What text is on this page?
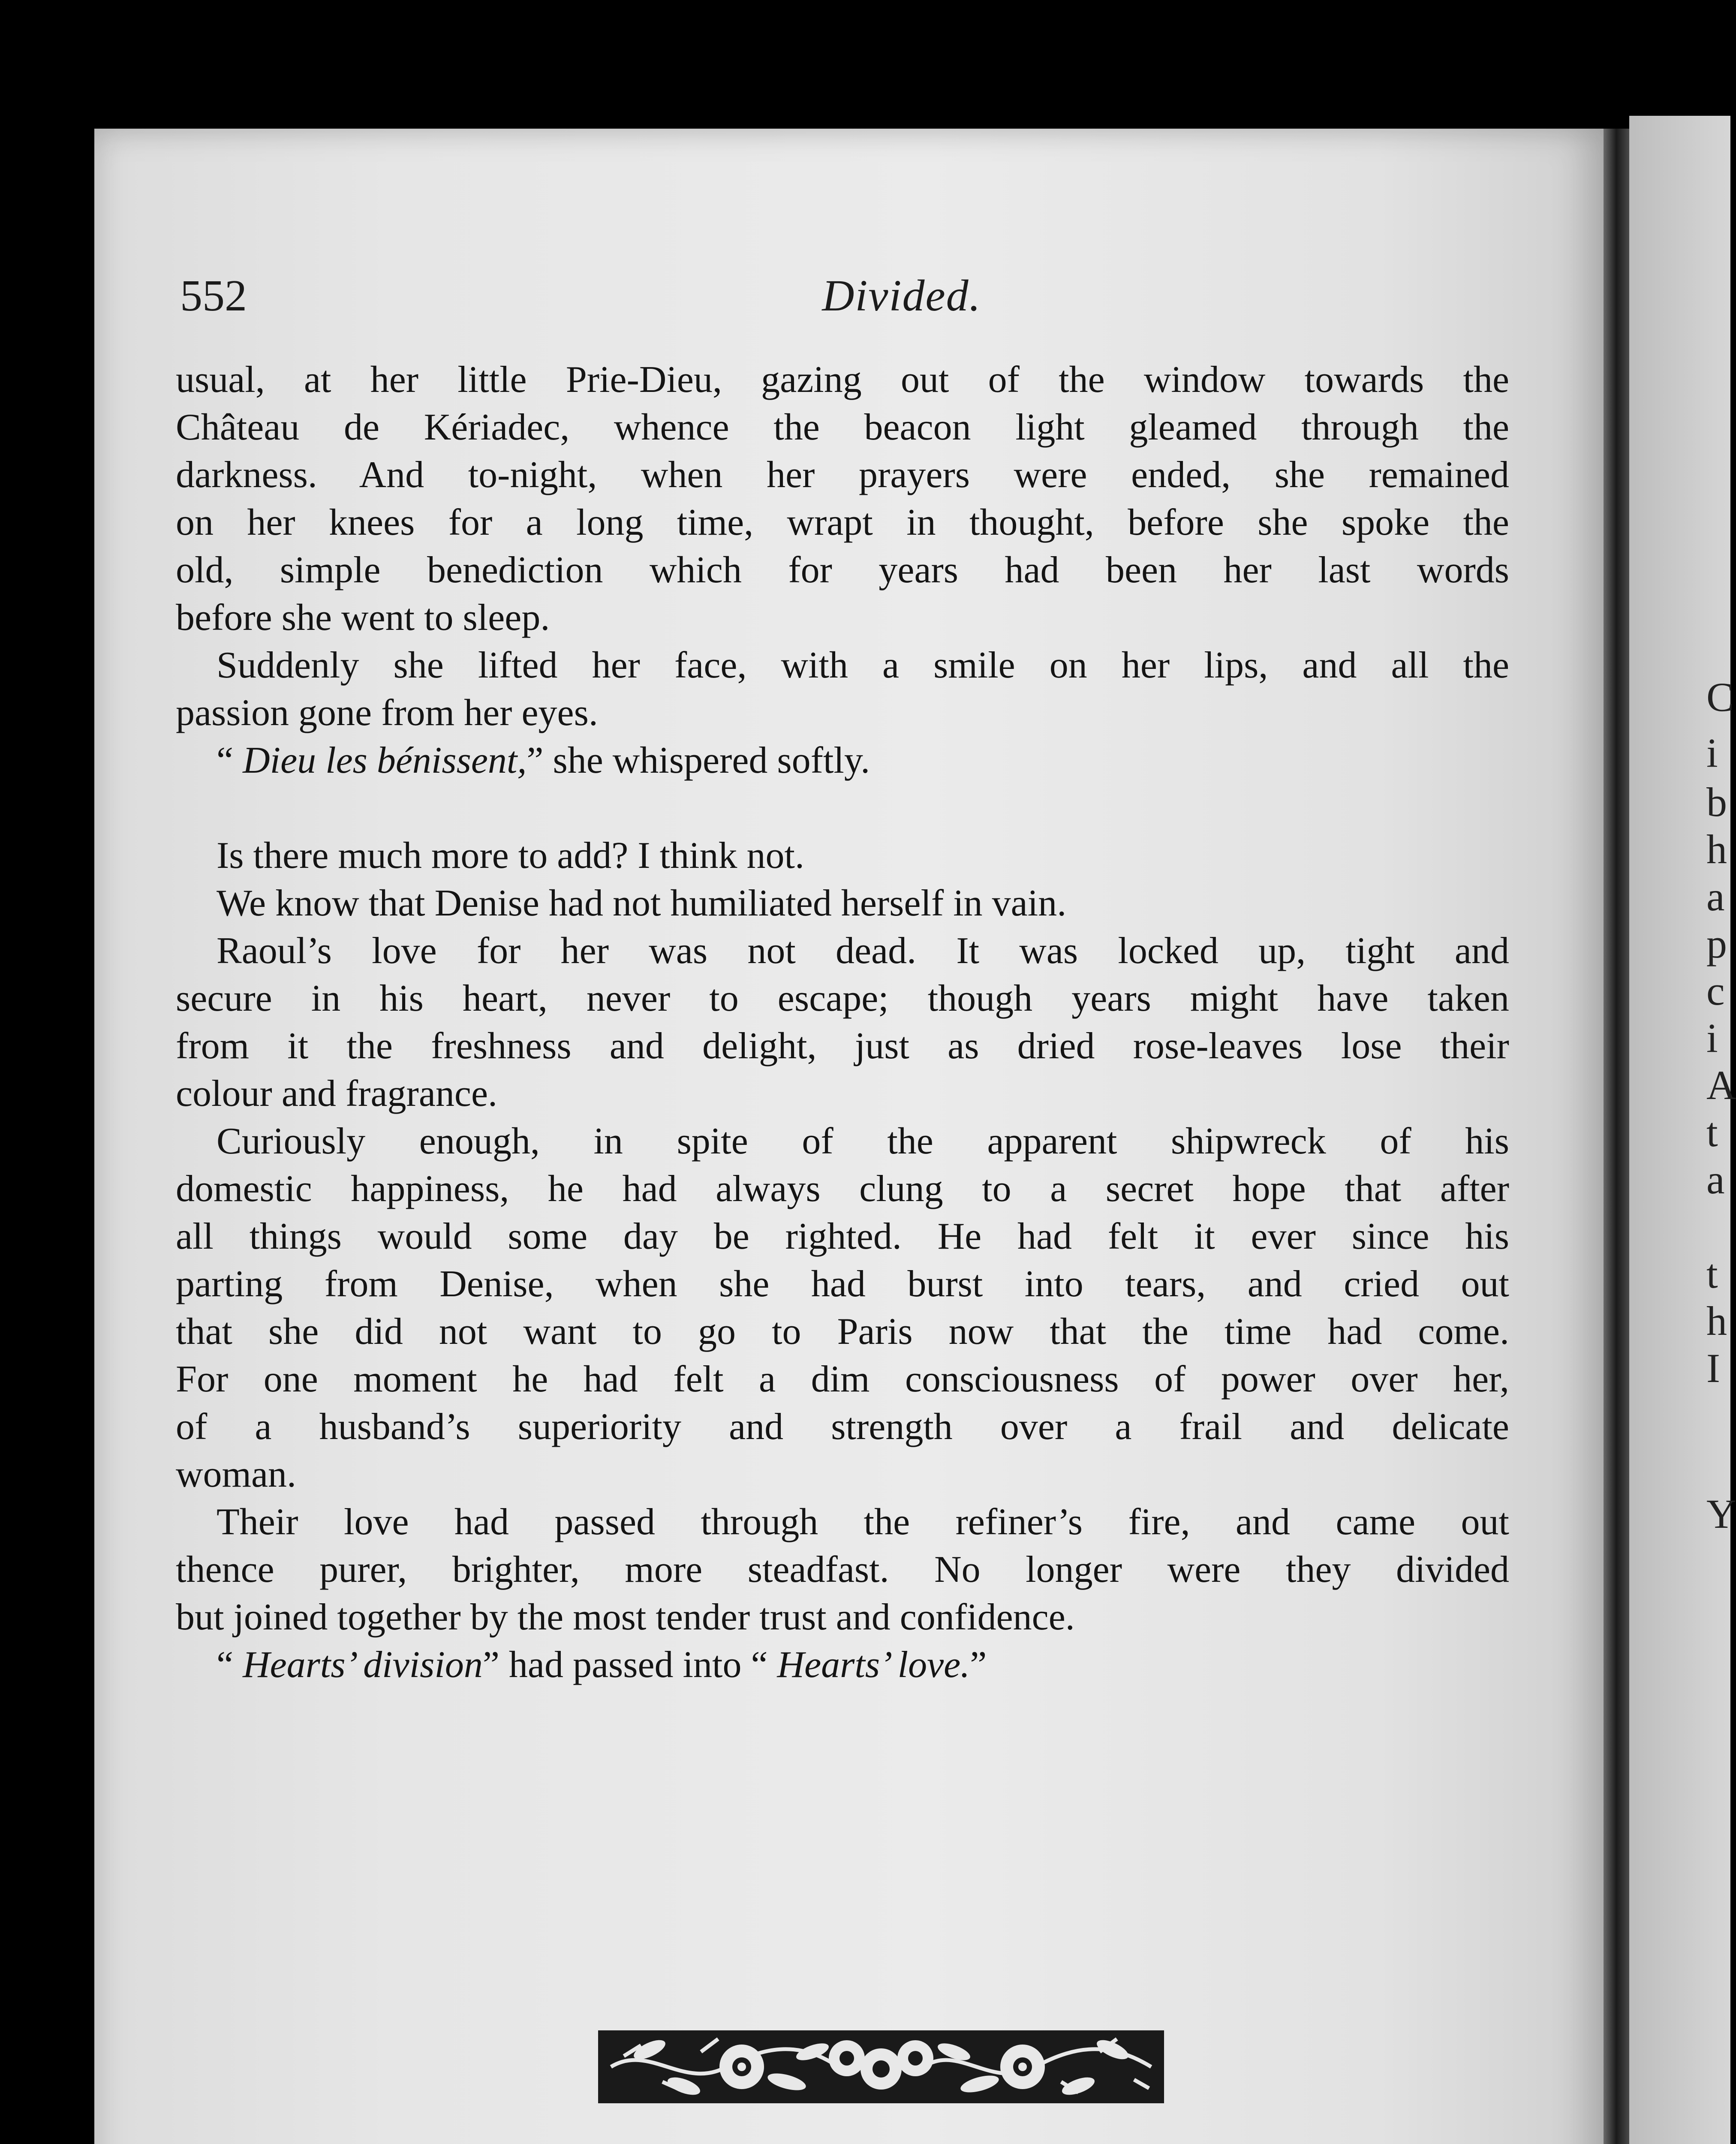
C
i
b
h
a
p
c
i
A
t
a
t
h
I
Y

552	Divided.

usual, at her little Prie-Dieu, gazing out of the window towards the
Château de Kériadec, whence the beacon light gleamed through the
darkness. And to-night, when her prayers were ended, she remained
on her knees for a long time, wrapt in thought, before she spoke the
old, simple benediction which for years had been her last words
before she went to sleep.

Suddenly she lifted her face, with a smile on her lips, and all the
passion gone from her eyes.

“ Dieu les bénissent,” she whispered softly.

Is there much more to add? I think not.

We know that Denise had not humiliated herself in vain.

Raoul’s love for her was not dead. It was locked up, tight and
secure in his heart, never to escape; though years might have taken
from it the freshness and delight, just as dried rose-leaves lose their
colour and fragrance.

Curiously enough, in spite of the apparent shipwreck of his
domestic happiness, he had always clung to a secret hope that after
all things would some day be righted. He had felt it ever since his
parting from Denise, when she had burst into tears, and cried out
that she did not want to go to Paris now that the time had come.
For one moment he had felt a dim consciousness of power over her,
of a husband’s superiority and strength over a frail and delicate
woman.

Their love had passed through the refiner’s fire, and came out
thence purer, brighter, more steadfast. No longer were they divided
but joined together by the most tender trust and confidence.

“ Hearts’ division” had passed into “ Hearts’ love.”
